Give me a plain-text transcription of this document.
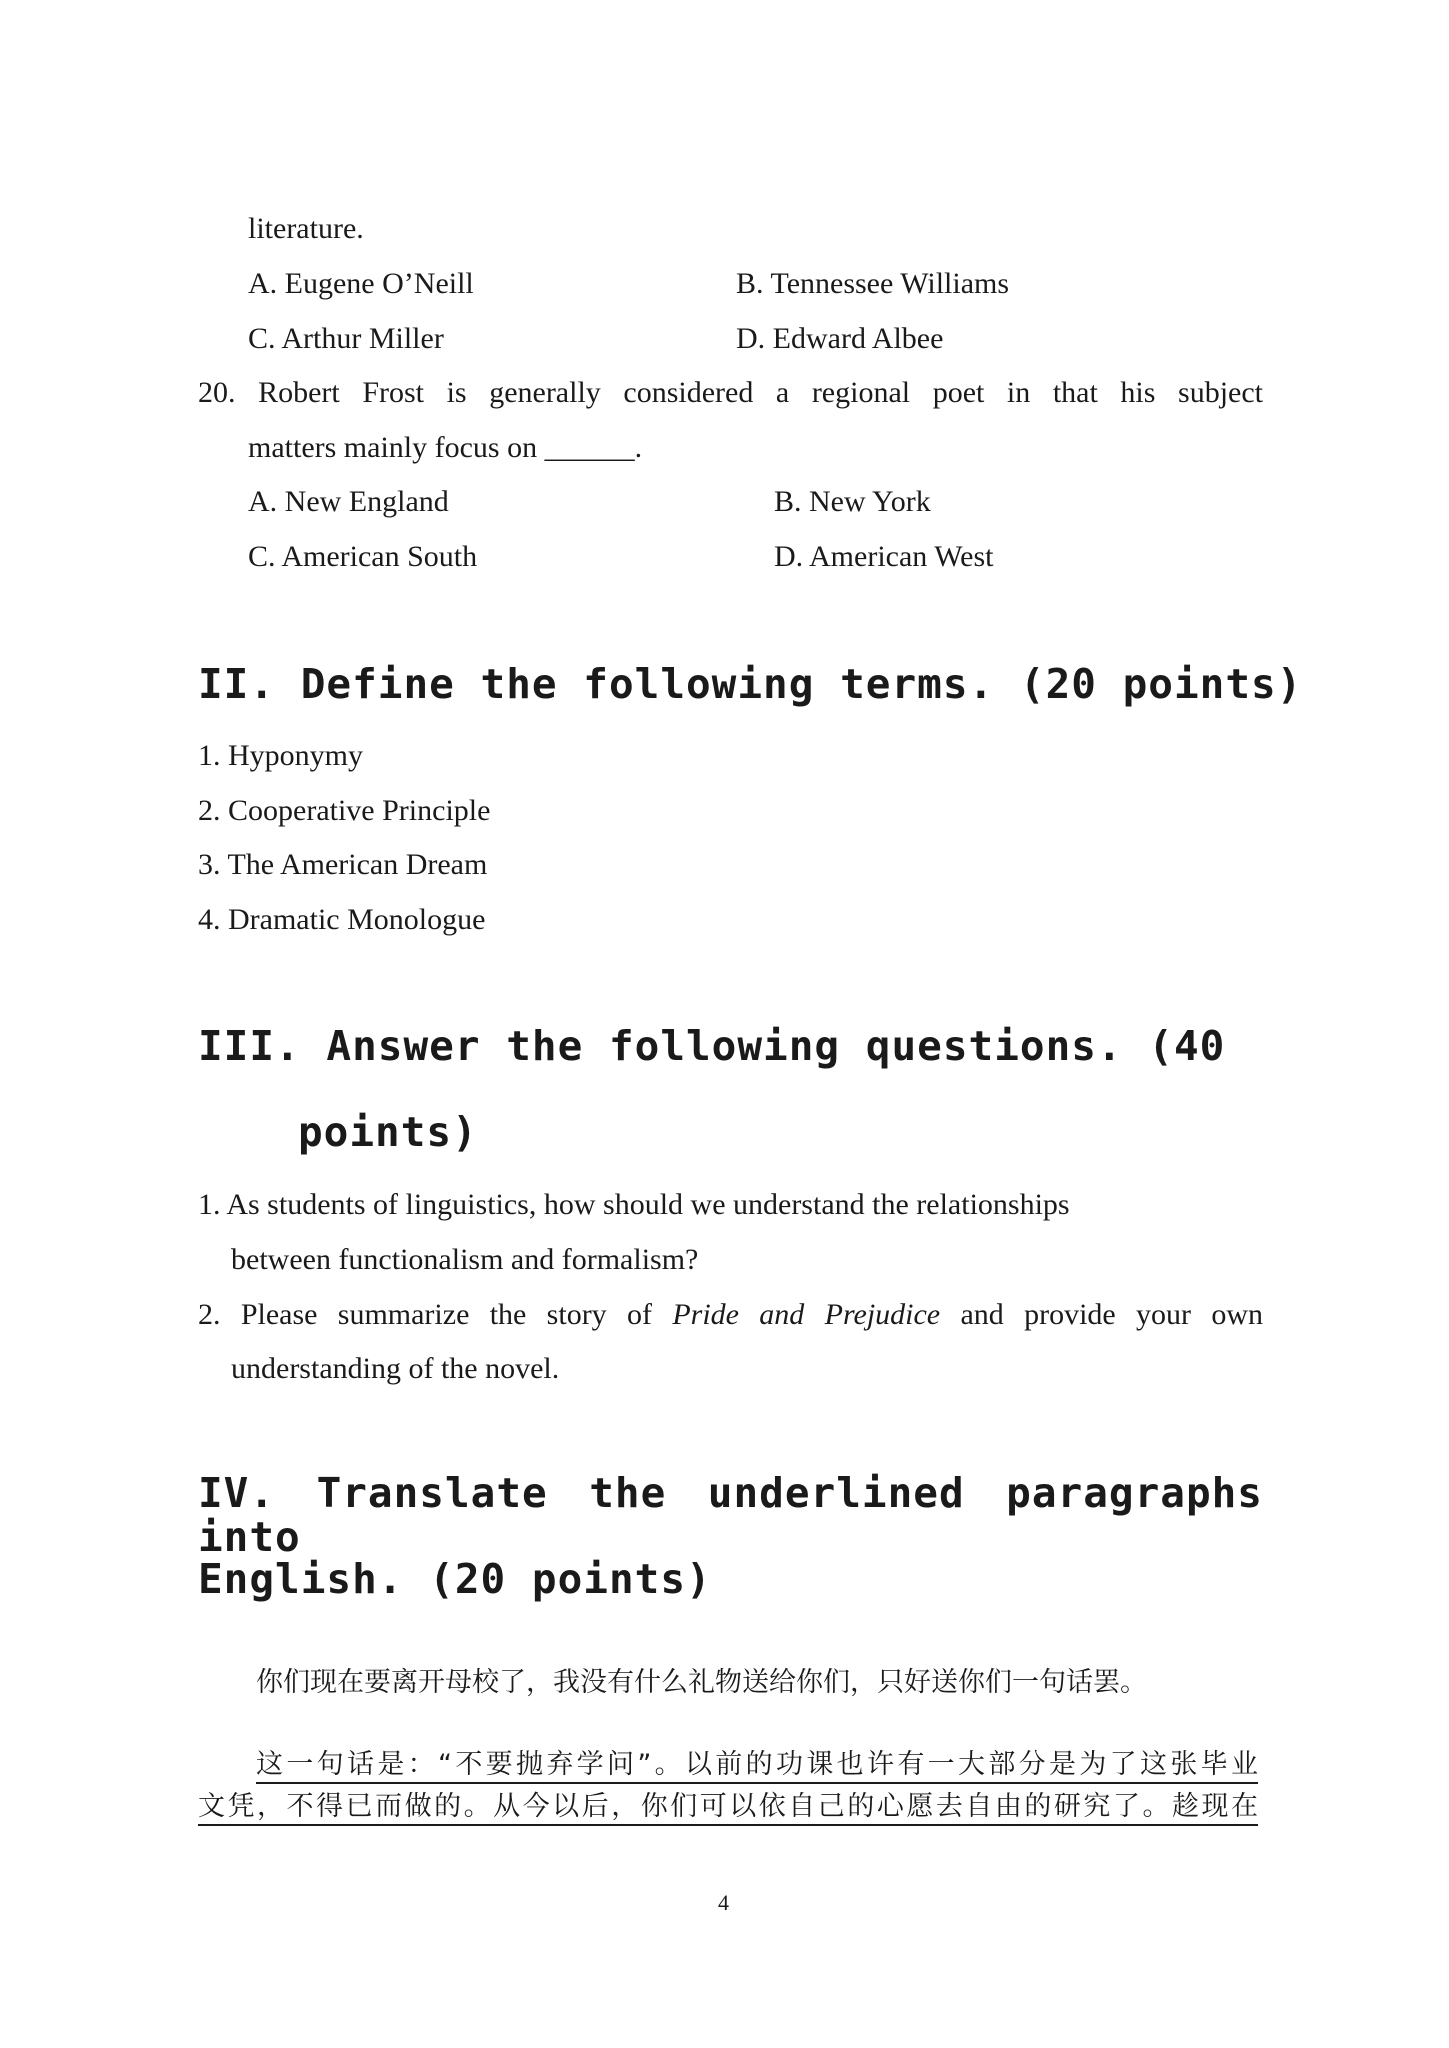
literature.
A. Eugene O’Neill	B. Tennessee Williams
C. Arthur Miller	D. Edward Albee
20. Robert Frost is generally considered a regional poet in that his subject
matters mainly focus on ______.
A. New England	B. New York
C. American South	D. American West
II. Define the following terms. (20 points)
1. Hyponymy
2. Cooperative Principle
3. The American Dream
4. Dramatic Monologue
III. Answer the following questions. (40
points)
1. As students of linguistics, how should we understand the relationships
between functionalism and formalism?
2. Please summarize the story of Pride and Prejudice and provide your own
understanding of the novel.
IV. Translate the underlined paragraphs into
English. (20 points)
你们现在要离开母校了，我没有什么礼物送给你们，只好送你们一句话罢。
这一句话是：“不要抛弃学问”。以前的功课也许有一大部分是为了这张毕业
文凭，不得已而做的。从今以后，你们可以依自己的心愿去自由的研究了。趁现在
4
